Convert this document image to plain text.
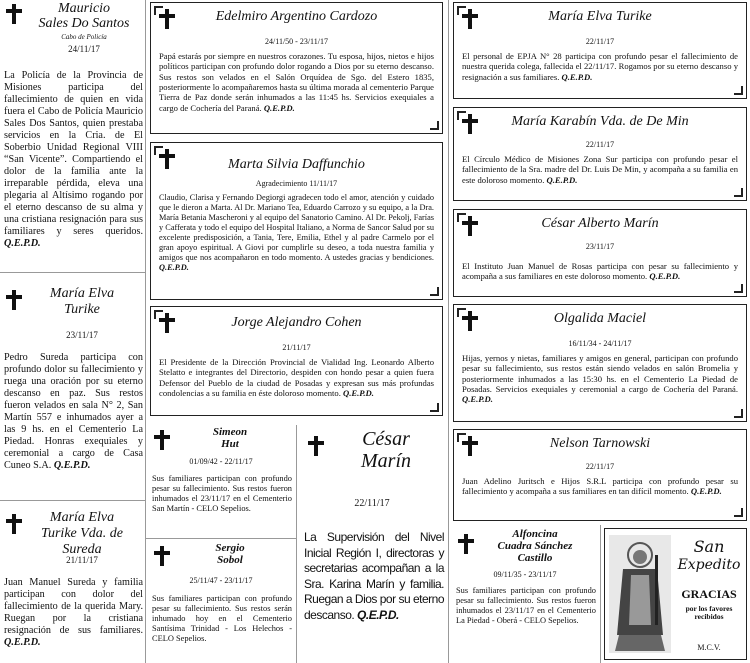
Mauricio

Sales Do Santos

Cabo de Policía

24/11/17

La Policía de la Provincia de Misiones participa del fallecimiento de quien en vida fuera el Cabo de Policía Mauricio Sales Dos Santos, quien prestaba servicios en la Cria. de El Soberbio Unidad Regional VIII “San Vicente”. Compartiendo el dolor de la familia ante la irreparable pérdida, eleva una plegaria al Altísimo rogando por el eterno descanso de su alma y una cristiana resignación para sus familiares y seres queridos. Q.E.P.D.

María Elva

Turike

23/11/17

Pedro Sureda participa con profundo dolor su fallecimiento y ruega una oración por su eterno descanso en paz. Sus restos fueron velados en sala N° 2, San Martín 557 e inhumados ayer a las 9 hs. en el Cementerio La Piedad. Honras exequiales y ceremonial a cargo de Casa Cuneo S.A. Q.E.P.D.

María Elva

Turike Vda. de Sureda

21/11/17

Juan Manuel Sureda y familia participan con dolor del fallecimiento de la querida Mary. Ruegan por la cristiana resignación de sus familiares. Q.E.P.D.

Edelmiro Argentino Cardozo

24/11/50 - 23/11/17

Papá estarás por siempre en nuestros corazones. Tu esposa, hijos, nietos e hijos políticos participan con profundo dolor rogando a Dios por su eterno descanso. Sus restos son velados en el Salón Orquídea de Sgo. del Estero 1835, posteriormente lo acompañaremos hasta su última morada al cementerio Parque Tierra de Paz donde serán inhumados a las 11:45 hs. Servicios exequiales a cargo de Cochería del Paraná. Q.E.P.D.

Marta Silvia Daffunchio

Agradecimiento 11/11/17

Claudio, Clarisa y Fernando Degiorgi agradecen todo el amor, atención y cuidado que le dieron a Marta. Al Dr. Mariano Tea, Eduardo Carrozo y su equipo, a la Dra. María Betania Mascheroni y al equipo del Sanatorio Camino. Al Dr. Pekolj, Farías y Cafferata y todo el equipo del Hospital Italiano, a Norma de Sancor Salud por su excelente predisposición, a Tania, Tere, Emilia, Ethel y al padre Carmelo por el gran apoyo espiritual. A Giovi por cumplirle su deseo, a toda nuestra familia y amigos que nos acompañaron en todo momento. A ustedes gracias y bendiciones. Q.E.P.D.

Jorge Alejandro Cohen

21/11/17

El Presidente de la Dirección Provincial de Vialidad Ing. Leonardo Alberto Stelatto e integrantes del Directorio, despiden con hondo pesar a quien fuera Defensor del Pueblo de la ciudad de Posadas y expresan sus más profundas condolencias a su familia en éste doloroso momento. Q.E.P.D.

Simeon

Hut

01/09/42 - 22/11/17

Sus familiares participan con profundo pesar su fallecimiento. Sus restos fueron inhumados el 23/11/17 en el Cementerio San Martín - CELO Sepelios.

Sergio

Sobol

25/11/47 - 23/11/17

Sus familiares participan con profundo pesar su fallecimiento. Sus restos serán inhumado hoy en el Cementerio Santísima Trinidad - Los Helechos - CELO Sepelios.

César

Marín

22/11/17

La Supervisión del Nivel Inicial Región I, directoras y secretarias acompañan a la Sra. Karina Marín y familia. Ruegan a Dios por su eterno descanso. Q.E.P.D.

María Elva Turike

22/11/17

El personal de EPJA N° 28 participa con profundo pesar el fallecimiento de nuestra querida colega, fallecida el 22/11/17. Rogamos por su eterno descanso y resignación a sus familiares. Q.E.P.D.

María Karabín Vda. de De Min

22/11/17

El Círculo Médico de Misiones Zona Sur participa con profundo pesar el fallecimiento de la Sra. madre del Dr. Luis De Min, y acompaña a su familia en este doloroso momento. Q.E.P.D.

César Alberto Marín

23/11/17

El Instituto Juan Manuel de Rosas participa con pesar su fallecimiento y acompaña a sus familiares en este doloroso momento. Q.E.P.D.

Olgalida Maciel

16/11/34 - 24/11/17

Hijas, yernos y nietas, familiares y amigos en general, participan con profundo pesar su fallecimiento, sus restos están siendo velados en salón Bromelia y posteriormente inhumados a las 15:30 hs. en el Cementerio La Piedad de Posadas. Servicios exequiales y ceremonial a cargo de Cochería del Paraná. Q.E.P.D.

Nelson Tarnowski

22/11/17

Juan Adelino Juritsch e Hijos S.R.L participa con profundo pesar su fallecimiento y acompaña a sus familiares en tan difícil momento. Q.E.P.D.

Alfoncina

Cuadra Sánchez

Castillo

09/11/35 - 23/11/17

Sus familiares participan con profundo pesar su fallecimiento. Sus restos fueron inhumados el 23/11/17 en el Cementerio La Piedad - Oberá - CELO Sepelios.

San
Expedito
GRACIAS
por los favores recibidos
M.C.V.
